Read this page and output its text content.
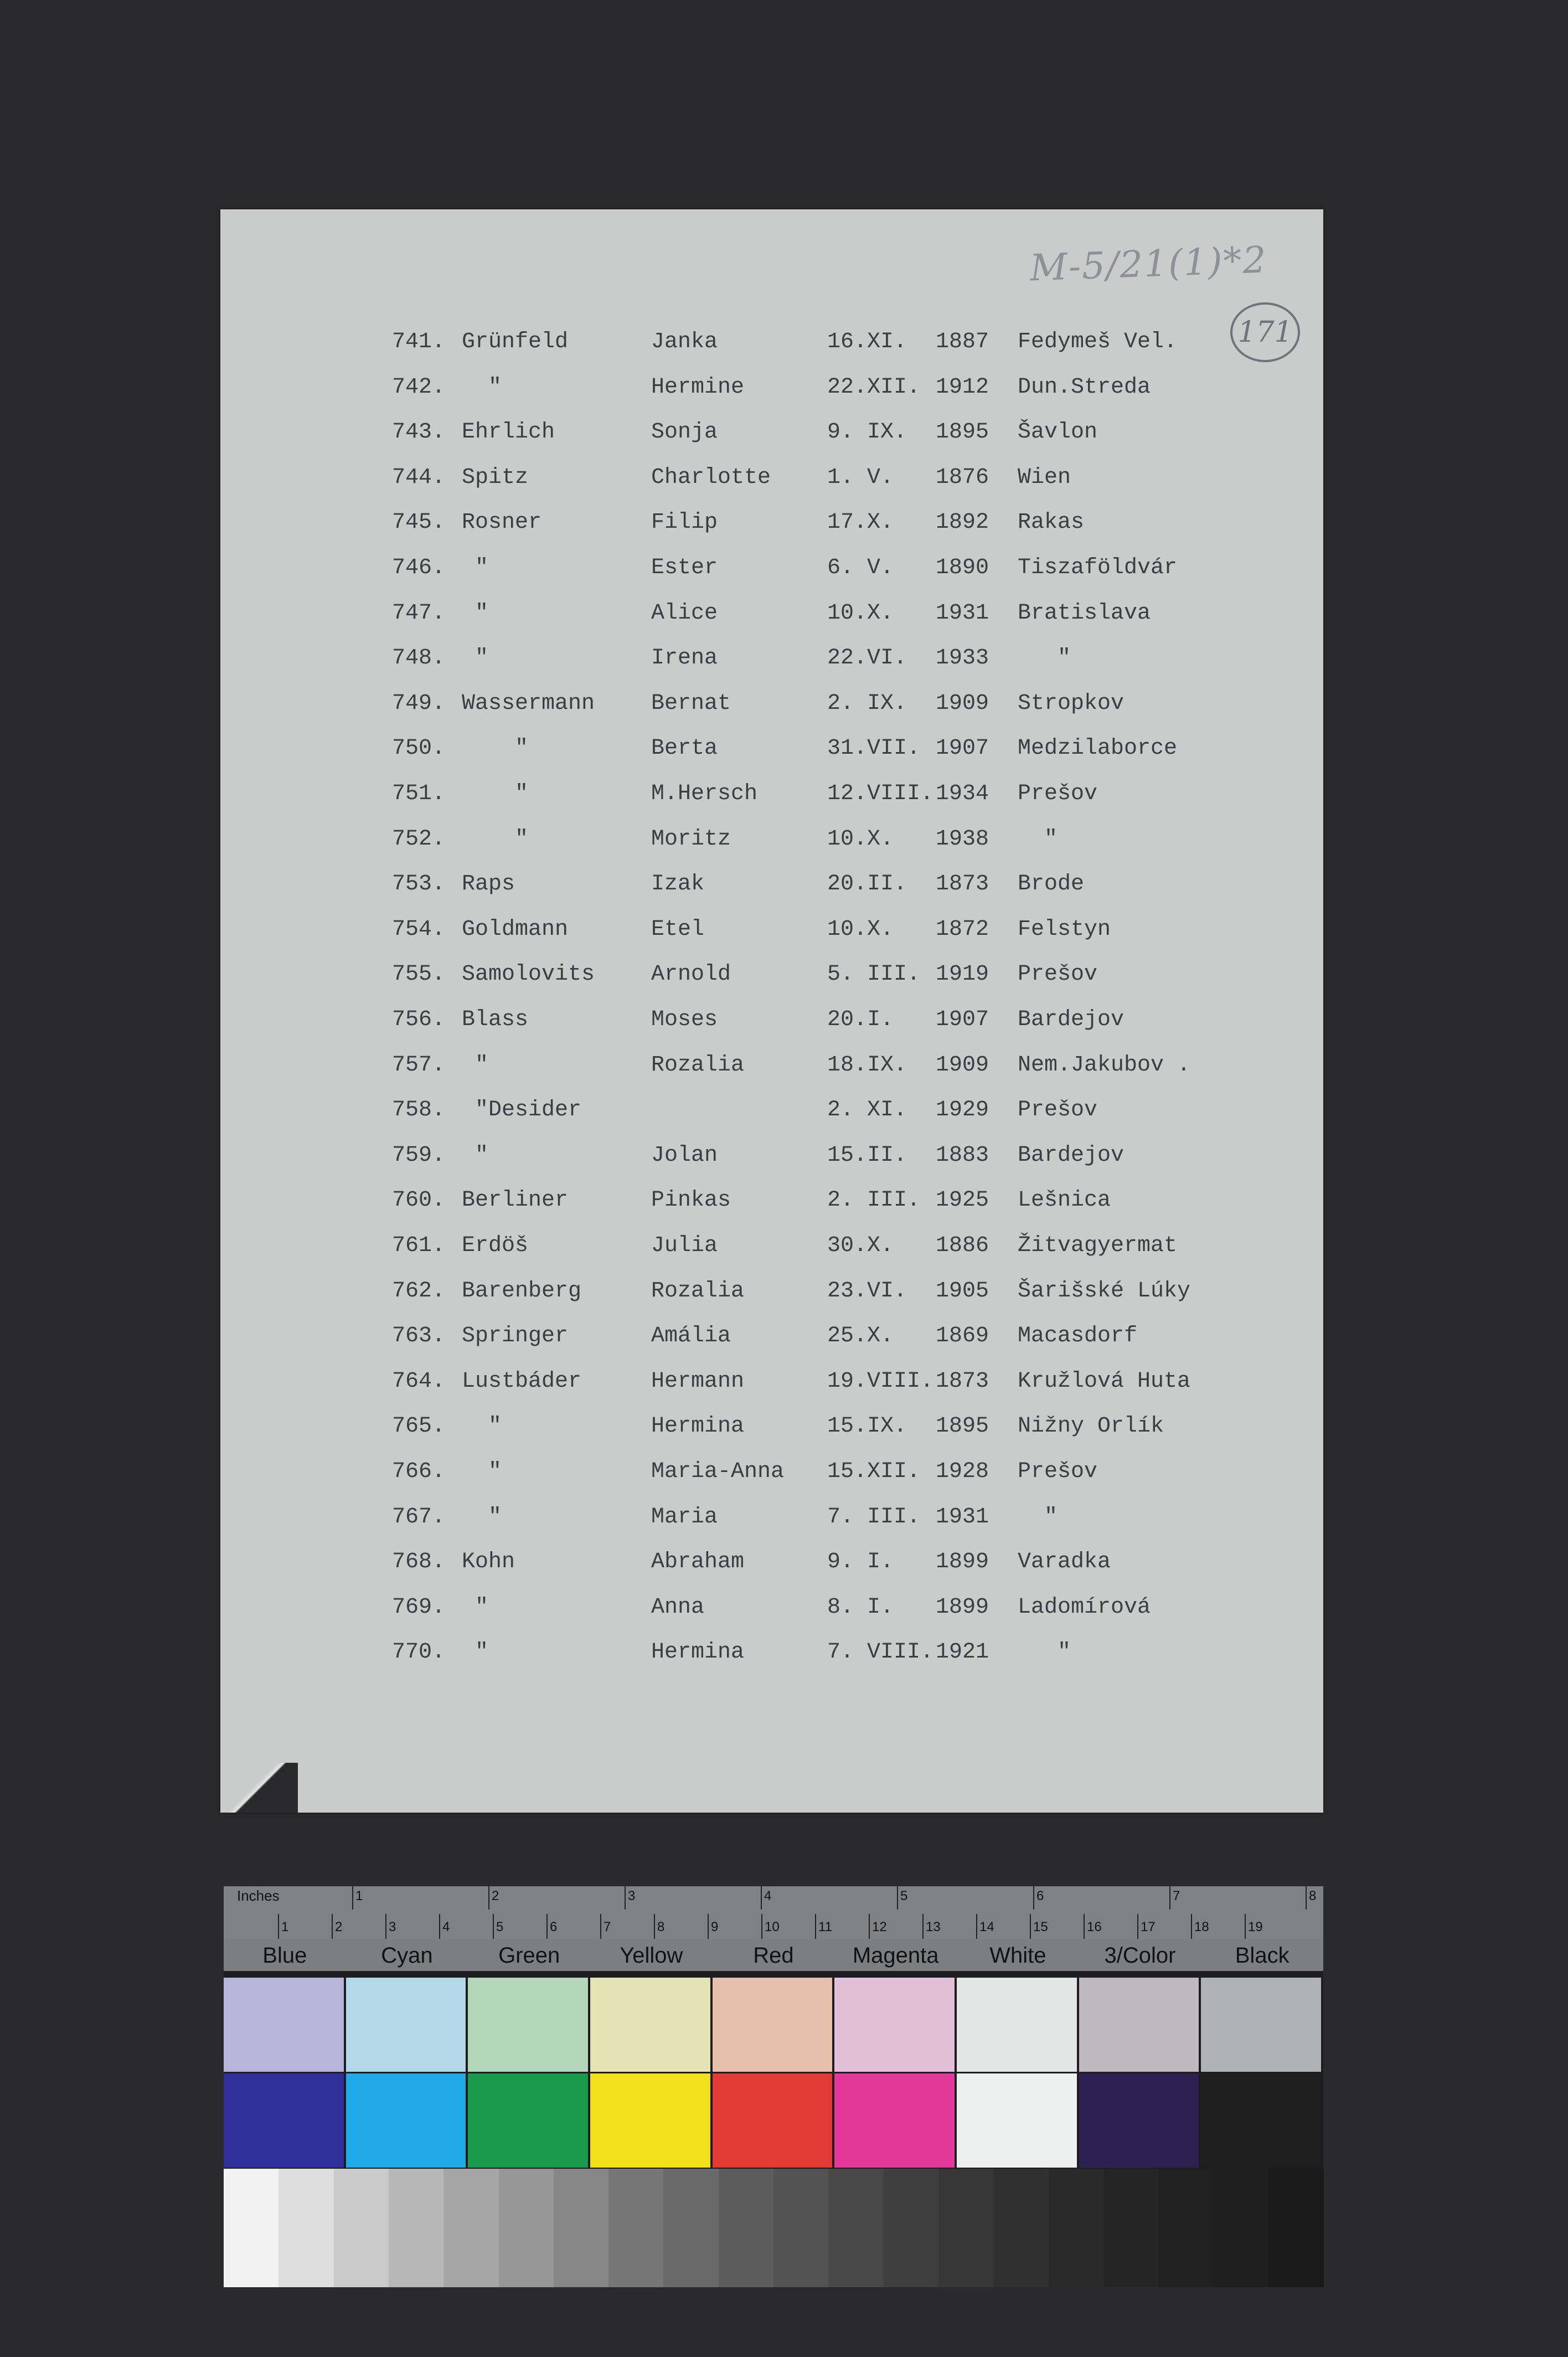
M-5/21(1)*2
171
741. Grünfeld	Janka	16.XI. 1887 Fedymeš Vel.
742. "	Hermine	22.XII. 1912 Dun.Streda
743. Ehrlich	Sonja	9. IX. 1895 Šavlon
744. Spitz	Charlotte	1. V. 1876 Wien
745. Rosner	Filip	17.X. 1892 Rakas
746. "	Ester	6. V. 1890 Tiszaföldvár
747. "	Alice	10.X. 1931 Bratislava
748. "	Irena	22.VI. 1933 "
749. Wassermann	Bernat	2. IX. 1909 Stropkov
750. "	Berta	31.VII. 1907 Medzilaborce
751. "	M.Hersch	12.VIII. 1934 Prešov
752. "	Moritz	10.X. 1938 "
753. Raps	Izak	20.II. 1873 Brode
754. Goldmann	Etel	10.X. 1872 Felstyn
755. Samolovits	Arnold	5. III. 1919 Prešov
756. Blass	Moses	20.I. 1907 Bardejov
757. "	Rozalia	18.IX. 1909 Nem.Jakubov .
758. "Desider	2. XI. 1929 Prešov
759. "	Jolan	15.II. 1883 Bardejov
760. Berliner	Pinkas	2. III. 1925 Lešnica
761. Erdöš	Julia	30.X. 1886 Žitvagyermat
762. Barenberg	Rozalia	23.VI. 1905 Šarišské Lúky
763. Springer	Amália	25.X. 1869 Macasdorf
764. Lustbáder	Hermann	19.VIII. 1873 Kružlová Huta
765. "	Hermina	15.IX. 1895 Nižny Orlík
766. "	Maria-Anna 15.XII. 1928 Prešov
767. "	Maria	7. III. 1931 "
768. Kohn	Abraham	9. I. 1899 Varadka
769. "	Anna	8. I. 1899 Ladomírová
770. "	Hermina	7. VIII. 1921 "
Inches	1	2	3	4	5	6	7	8
1	2	3	4	5	6	7	8	9	10	11	12	13	14	15	16	17	18	19
Blue	Cyan	Green	Yellow	Red	Magenta	White	3/Color	Black
